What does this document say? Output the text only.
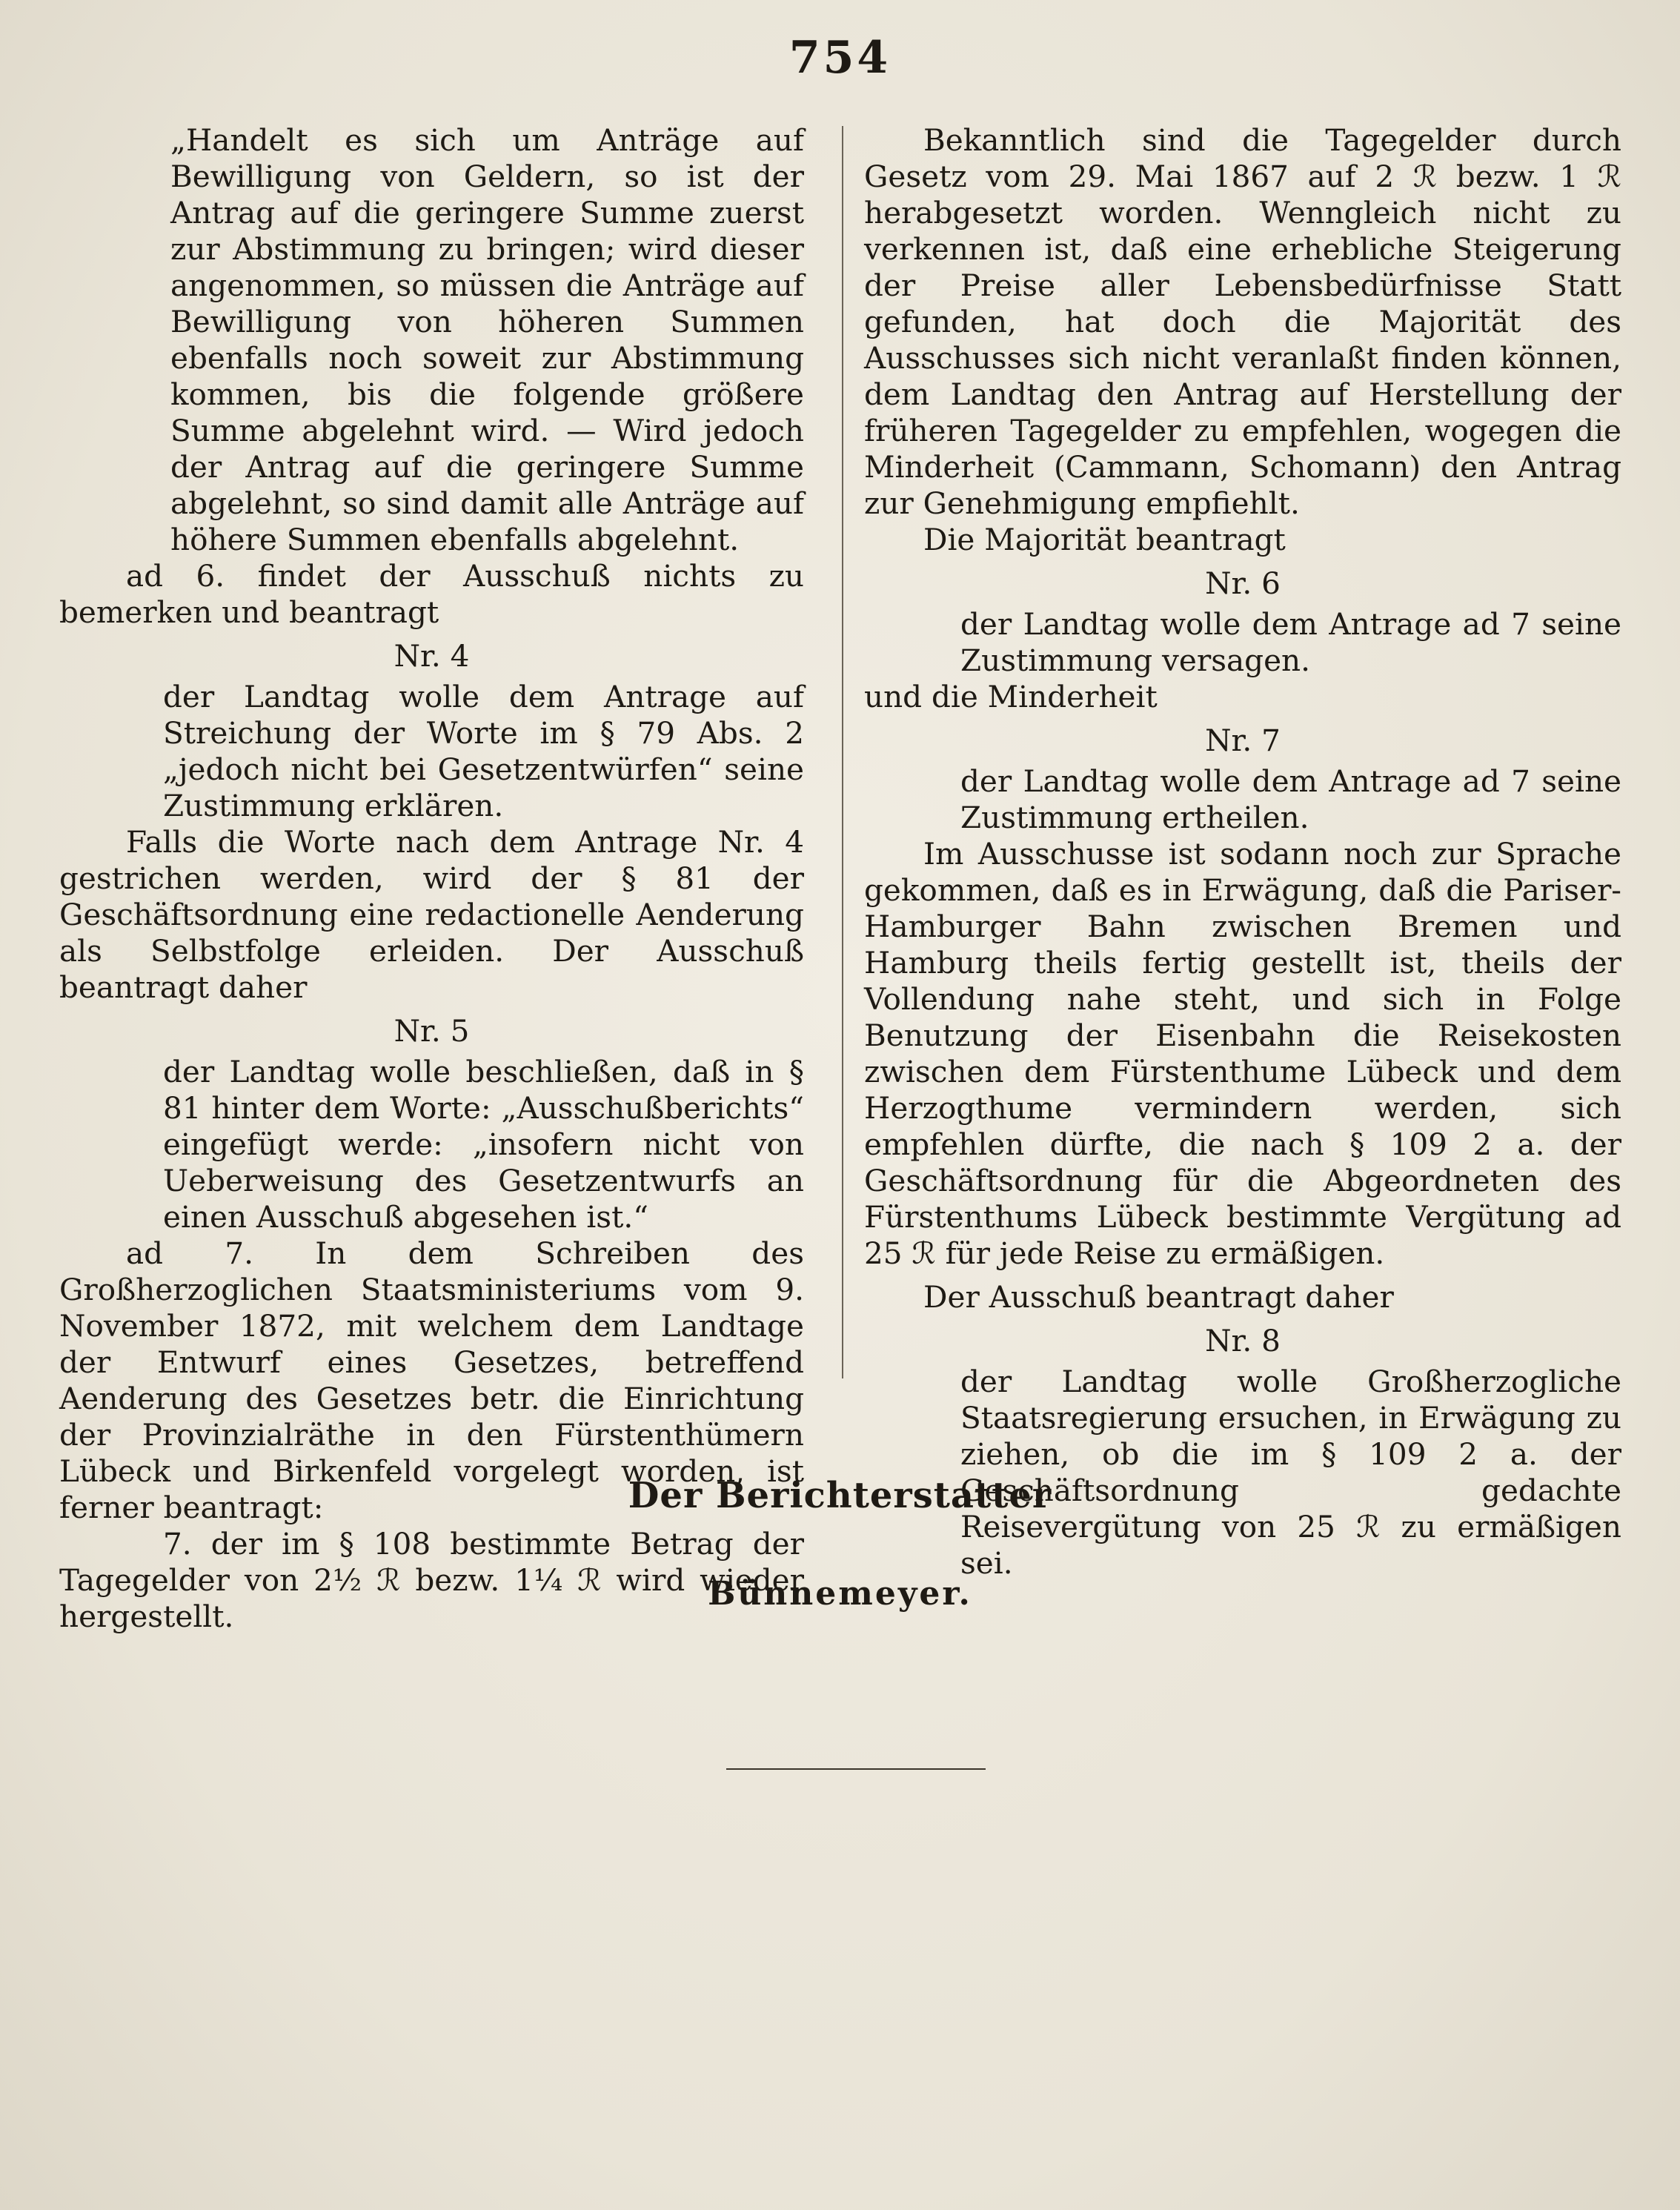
754

„Handelt es sich um Anträge auf Bewilligung von Geldern, so ist der Antrag auf die geringere Summe zuerst zur Abstimmung zu bringen; wird dieser angenommen, so müssen die Anträge auf Bewilligung von höheren Summen ebenfalls noch soweit zur Abstimmung kommen, bis die folgende größere Summe abgelehnt wird. — Wird jedoch der Antrag auf die geringere Summe abgelehnt, so sind damit alle Anträge auf höhere Summen ebenfalls abgelehnt.

ad 6. findet der Ausschuß nichts zu bemerken und beantragt

Nr. 4

der Landtag wolle dem Antrage auf Streichung der Worte im § 79 Abs. 2 „jedoch nicht bei Gesetzentwürfen“ seine Zustimmung erklären.

Falls die Worte nach dem Antrage Nr. 4 gestrichen werden, wird der § 81 der Geschäftsordnung eine redactionelle Aenderung als Selbstfolge erleiden. Der Ausschuß beantragt daher

Nr. 5

der Landtag wolle beschließen, daß in § 81 hinter dem Worte: „Ausschußberichts“ eingefügt werde: „insofern nicht von Ueberweisung des Gesetzentwurfs an einen Ausschuß abgesehen ist.“

ad 7. In dem Schreiben des Großherzoglichen Staatsministeriums vom 9. November 1872, mit welchem dem Landtage der Entwurf eines Gesetzes, betreffend Aenderung des Gesetzes betr. die Einrichtung der Provinzialräthe in den Fürstenthümern Lübeck und Birkenfeld vorgelegt worden, ist ferner beantragt:

7. der im § 108 bestimmte Betrag der Tagegelder von 2½ ℛ bezw. 1¼ ℛ wird wieder hergestellt.

Bekanntlich sind die Tagegelder durch Gesetz vom 29. Mai 1867 auf 2 ℛ bezw. 1 ℛ herabgesetzt worden. Wenngleich nicht zu verkennen ist, daß eine erhebliche Steigerung der Preise aller Lebensbedürfnisse Statt gefunden, hat doch die Majorität des Ausschusses sich nicht veranlaßt finden können, dem Landtag den Antrag auf Herstellung der früheren Tagegelder zu empfehlen, wogegen die Minderheit (Cammann, Schomann) den Antrag zur Genehmigung empfiehlt.

Die Majorität beantragt

Nr. 6

der Landtag wolle dem Antrage ad 7 seine Zustimmung versagen.

und die Minderheit

Nr. 7

der Landtag wolle dem Antrage ad 7 seine Zustimmung ertheilen.

Im Ausschusse ist sodann noch zur Sprache gekommen, daß es in Erwägung, daß die Pariser-Hamburger Bahn zwischen Bremen und Hamburg theils fertig gestellt ist, theils der Vollendung nahe steht, und sich in Folge Benutzung der Eisenbahn die Reisekosten zwischen dem Fürstenthume Lübeck und dem Herzogthume vermindern werden, sich empfehlen dürfte, die nach § 109 2 a. der Geschäftsordnung für die Abgeordneten des Fürstenthums Lübeck bestimmte Vergütung ad 25 ℛ für jede Reise zu ermäßigen.

Der Ausschuß beantragt daher

Nr. 8

der Landtag wolle Großherzogliche Staatsregierung ersuchen, in Erwägung zu ziehen, ob die im § 109 2 a. der Geschäftsordnung gedachte Reisevergütung von 25 ℛ zu ermäßigen sei.

Der Berichterstatter
Bünnemeyer.
